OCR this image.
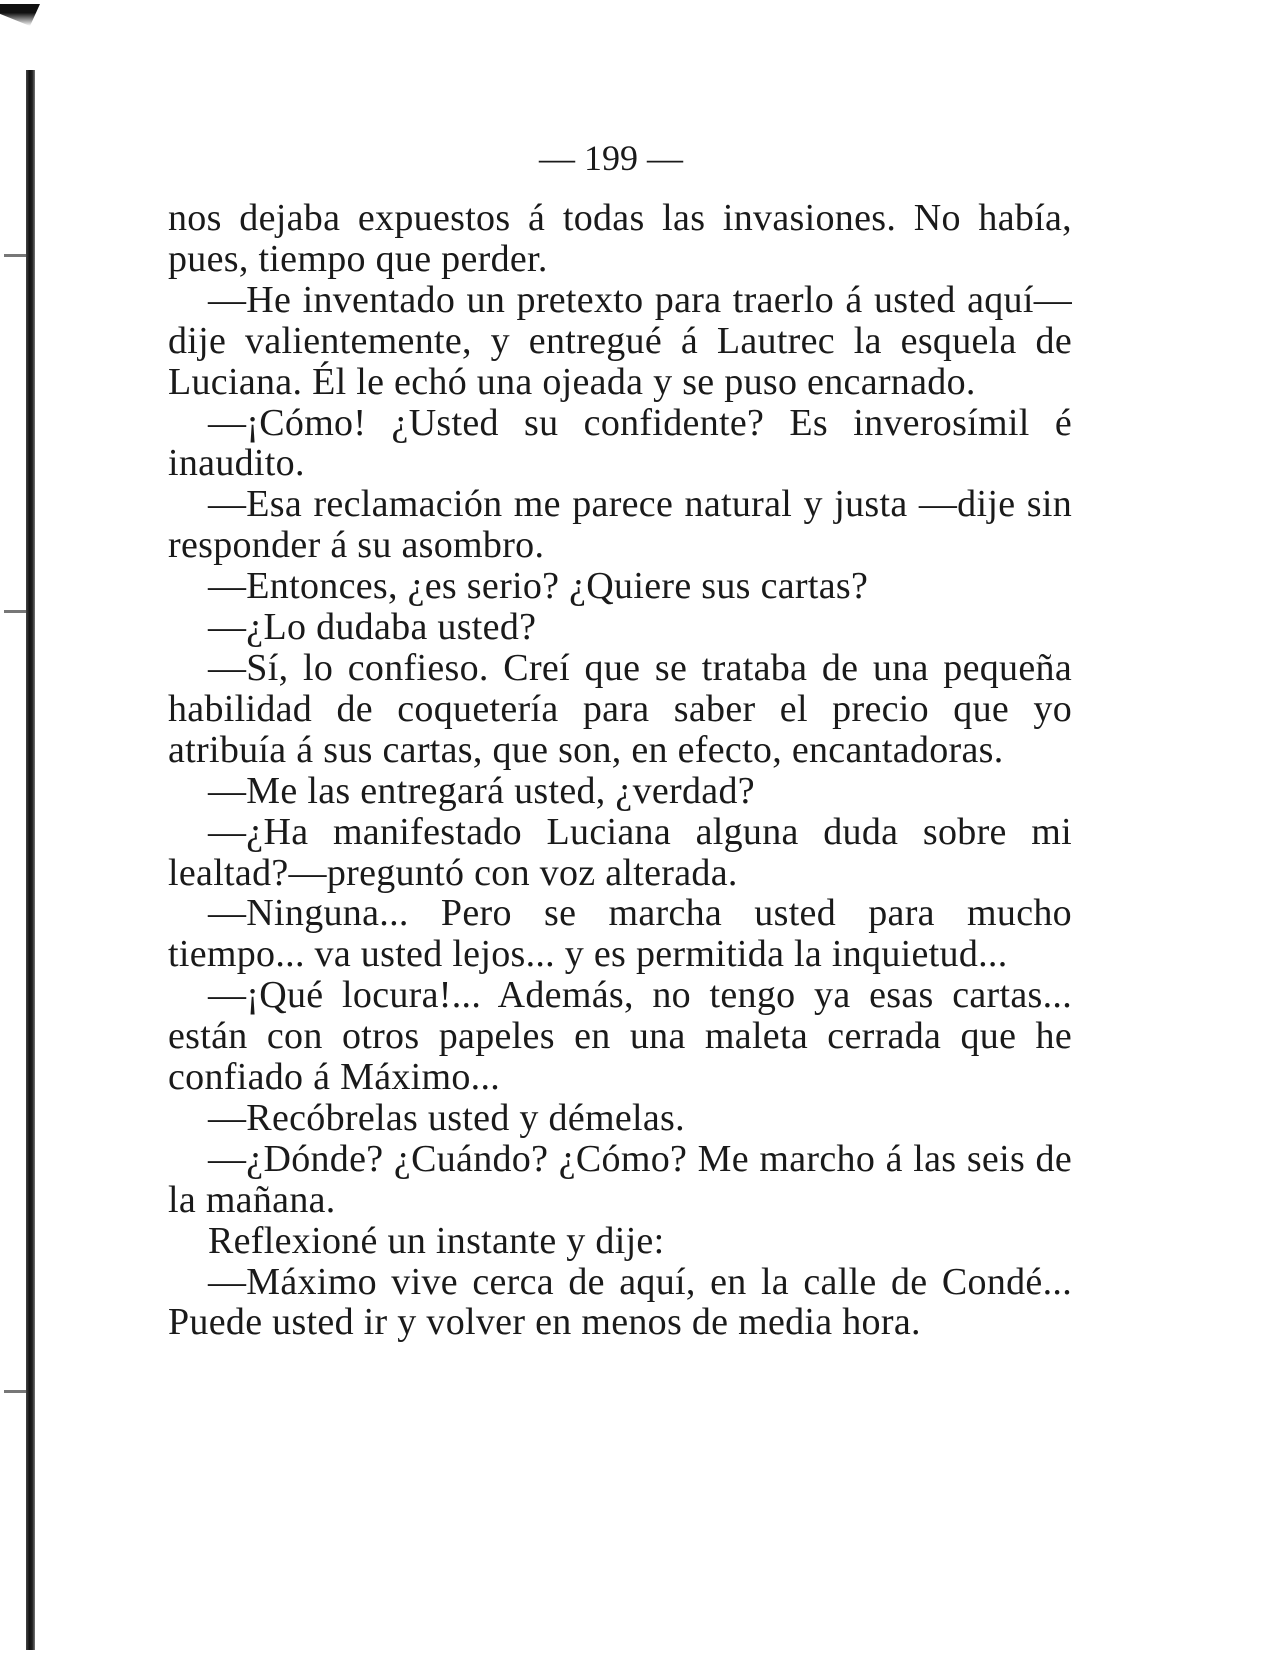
— 199 —

nos dejaba expuestos á todas las invasiones. No había, pues, tiempo que perder.

—He inventado un pretexto para traerlo á usted aquí—dije valientemente, y entregué á Lautrec la esquela de Luciana. Él le echó una ojeada y se puso encarnado.

—¡Cómo! ¿Usted su confidente? Es inverosímil é inaudito.

—Esa reclamación me parece natural y justa —dije sin responder á su asombro.

—Entonces, ¿es serio? ¿Quiere sus cartas?

—¿Lo dudaba usted?

—Sí, lo confieso. Creí que se trataba de una pequeña habilidad de coquetería para saber el precio que yo atribuía á sus cartas, que son, en efecto, encantadoras.

—Me las entregará usted, ¿verdad?

—¿Ha manifestado Luciana alguna duda sobre mi lealtad?—preguntó con voz alterada.

—Ninguna... Pero se marcha usted para mucho tiempo... va usted lejos... y es permitida la inquietud...

—¡Qué locura!... Además, no tengo ya esas cartas... están con otros papeles en una maleta cerrada que he confiado á Máximo...

—Recóbrelas usted y démelas.

—¿Dónde? ¿Cuándo? ¿Cómo? Me marcho á las seis de la mañana.

Reflexioné un instante y dije:

—Máximo vive cerca de aquí, en la calle de Condé... Puede usted ir y volver en menos de media hora.
